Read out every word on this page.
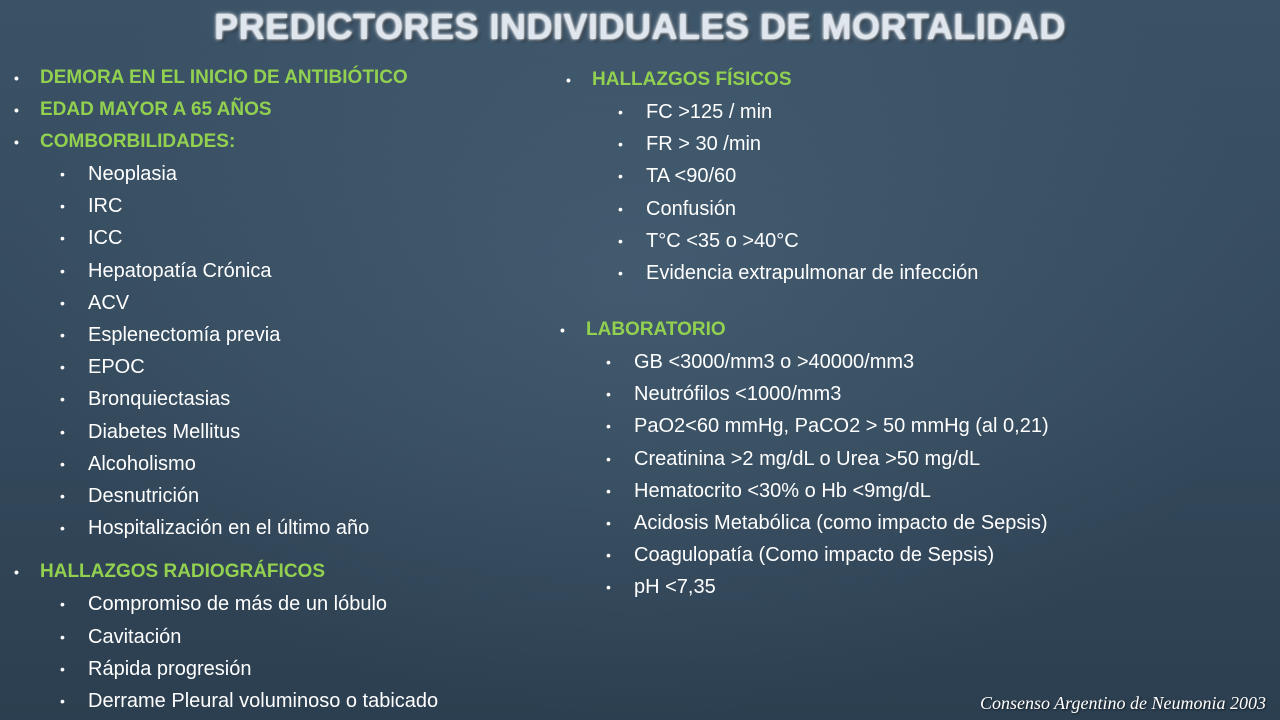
PREDICTORES INDIVIDUALES DE MORTALIDAD
•	DEMORA EN EL INICIO DE ANTIBIÓTICO
•	EDAD MAYOR A 65 AÑOS
•	COMBORBILIDADES:
•	Neoplasia
•	IRC
•	ICC
•	Hepatopatía Crónica
•	ACV
•	Esplenectomía previa
•	EPOC
•	Bronquiectasias
•	Diabetes Mellitus
•	Alcoholismo
•	Desnutrición
•	Hospitalización en el último año
•	HALLAZGOS RADIOGRÁFICOS
•	Compromiso de más de un lóbulo
•	Cavitación
•	Rápida progresión
•	Derrame Pleural voluminoso o tabicado
•	HALLAZGOS FÍSICOS
•	FC >125 / min
•	FR > 30 /min
•	TA <90/60
•	Confusión
•	T°C <35 o >40°C
•	Evidencia extrapulmonar de infección
•	LABORATORIO
•	GB <3000/mm3 o >40000/mm3
•	Neutrófilos <1000/mm3
•	PaO2<60 mmHg, PaCO2 > 50 mmHg (al 0,21)
•	Creatinina >2 mg/dL o Urea >50 mg/dL
•	Hematocrito <30% o Hb <9mg/dL
•	Acidosis Metabólica (como impacto de Sepsis)
•	Coagulopatía (Como impacto de Sepsis)
•	pH <7,35
Consenso Argentino de Neumonia 2003
